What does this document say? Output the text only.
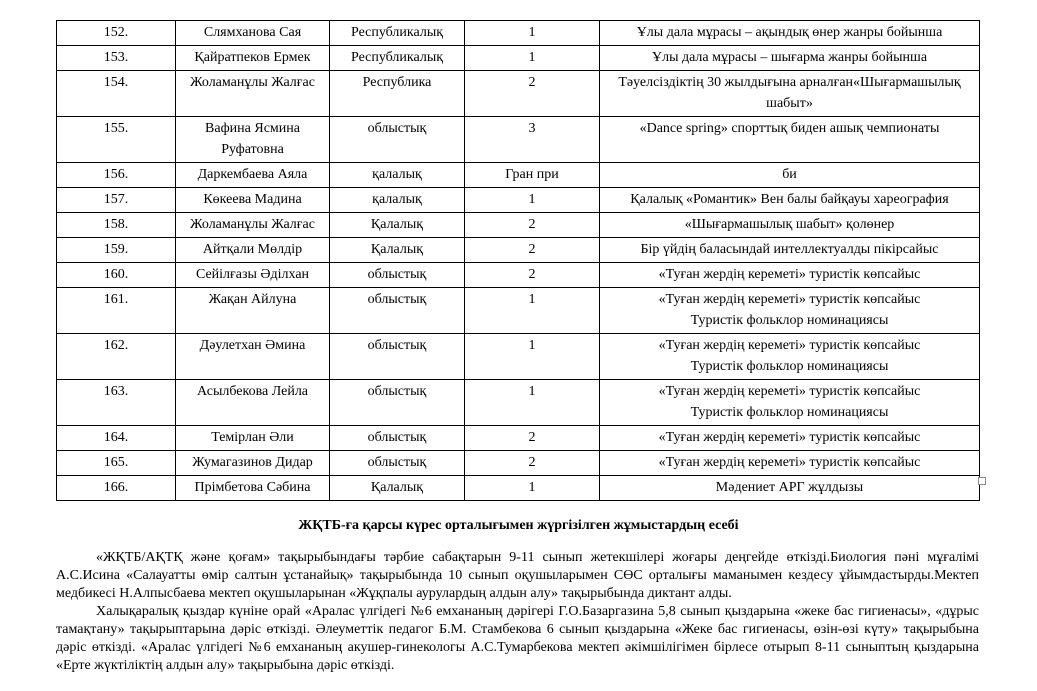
152.	Слямханова Сая	Республикалық	1	Ұлы дала мұрасы – ақындық өнер жанры бойынша

153.	Қайратпеков Ермек	Республикалық	1	Ұлы дала мұрасы – шығарма жанры бойынша

154.	Жоламанұлы Жалғас	Республика	2	Тәуелсіздіктің 30 жылдығына арналған«Шығармашылық шабыт»

155.	Вафина Ясмина Руфатовна	облыстық	3	«Dance spring» спорттық биден ашық чемпионаты

156.	Даркембаева Аяла	қалалық	Гран при	би

157.	Көкеева Мадина	қалалық	1	Қалалық «Романтик» Вен балы байқауы хареография

158.	Жоламанұлы Жалғас	Қалалық	2	«Шығармашылық шабыт» қолөнер

159.	Айтқали Мөлдір	Қалалық	2	Бір үйдің баласындай интеллектуалды пікірсайыс

160.	Сейілғазы Әділхан	облыстық	2	«Туған жердің кереметі» туристік көпсайыс

161.	Жақан Айлуна	облыстық	1	«Туған жердің кереметі» туристік көпсайыс
Туристік фольклор номинациясы

162.	Дәулетхан Әмина	облыстық	1	«Туған жердің кереметі» туристік көпсайыс
Туристік фольклор номинациясы

163.	Асылбекова Лейла	облыстық	1	«Туған жердің кереметі» туристік көпсайыс
Туристік фольклор номинациясы

164.	Темірлан Әли	облыстық	2	«Туған жердің кереметі» туристік көпсайыс

165.	Жумагазинов Дидар	облыстық	2	«Туған жердің кереметі» туристік көпсайыс

166.	Прімбетова Сәбина	Қалалық	1	Мәдениет АРГ жұлдызы
ЖҚТБ-ға қарсы күрес орталығымен жүргізілген жұмыстардың есебі

«ЖҚТБ/АҚТҚ және қоғам» тақырыбындағы тәрбие сабақтарын 9-11 сынып жетекшілері жоғары деңгейде өткізді.Биология пәні мұғалімі А.С.Исина «Салауатты өмір салтын ұстанайық» тақырыбында 10 сынып оқушыларымен СӨС орталығы маманымен кездесу ұйымдастырды.Мектеп медбикесі Н.Алпысбаева мектеп оқушыларынан «Жұқпалы аурулардың алдын алу» тақырыбында диктант алды.

Халықаралық қыздар күніне орай «Аралас үлгідегі №6 емхананың дәрігері Г.О.Базаргазина 5,8 сынып қыздарына «жеке бас гигиенасы», «дұрыс тамақтану» тақырыптарына дәріс өткізді. Әлеуметтік педагог Б.М. Стамбекова 6 сынып қыздарына «Жеке бас гигиенасы, өзін-өзі күту» тақырыбына дәріс өткізді. «Аралас үлгідегі №6 емхананың акушер-гинекологы А.С.Тумарбекова мектеп әкімшілігімен бірлесе отырып 8-11 сыныптың қыздарына «Ерте жүктіліктің алдын алу» тақырыбына дәріс өткізді.
